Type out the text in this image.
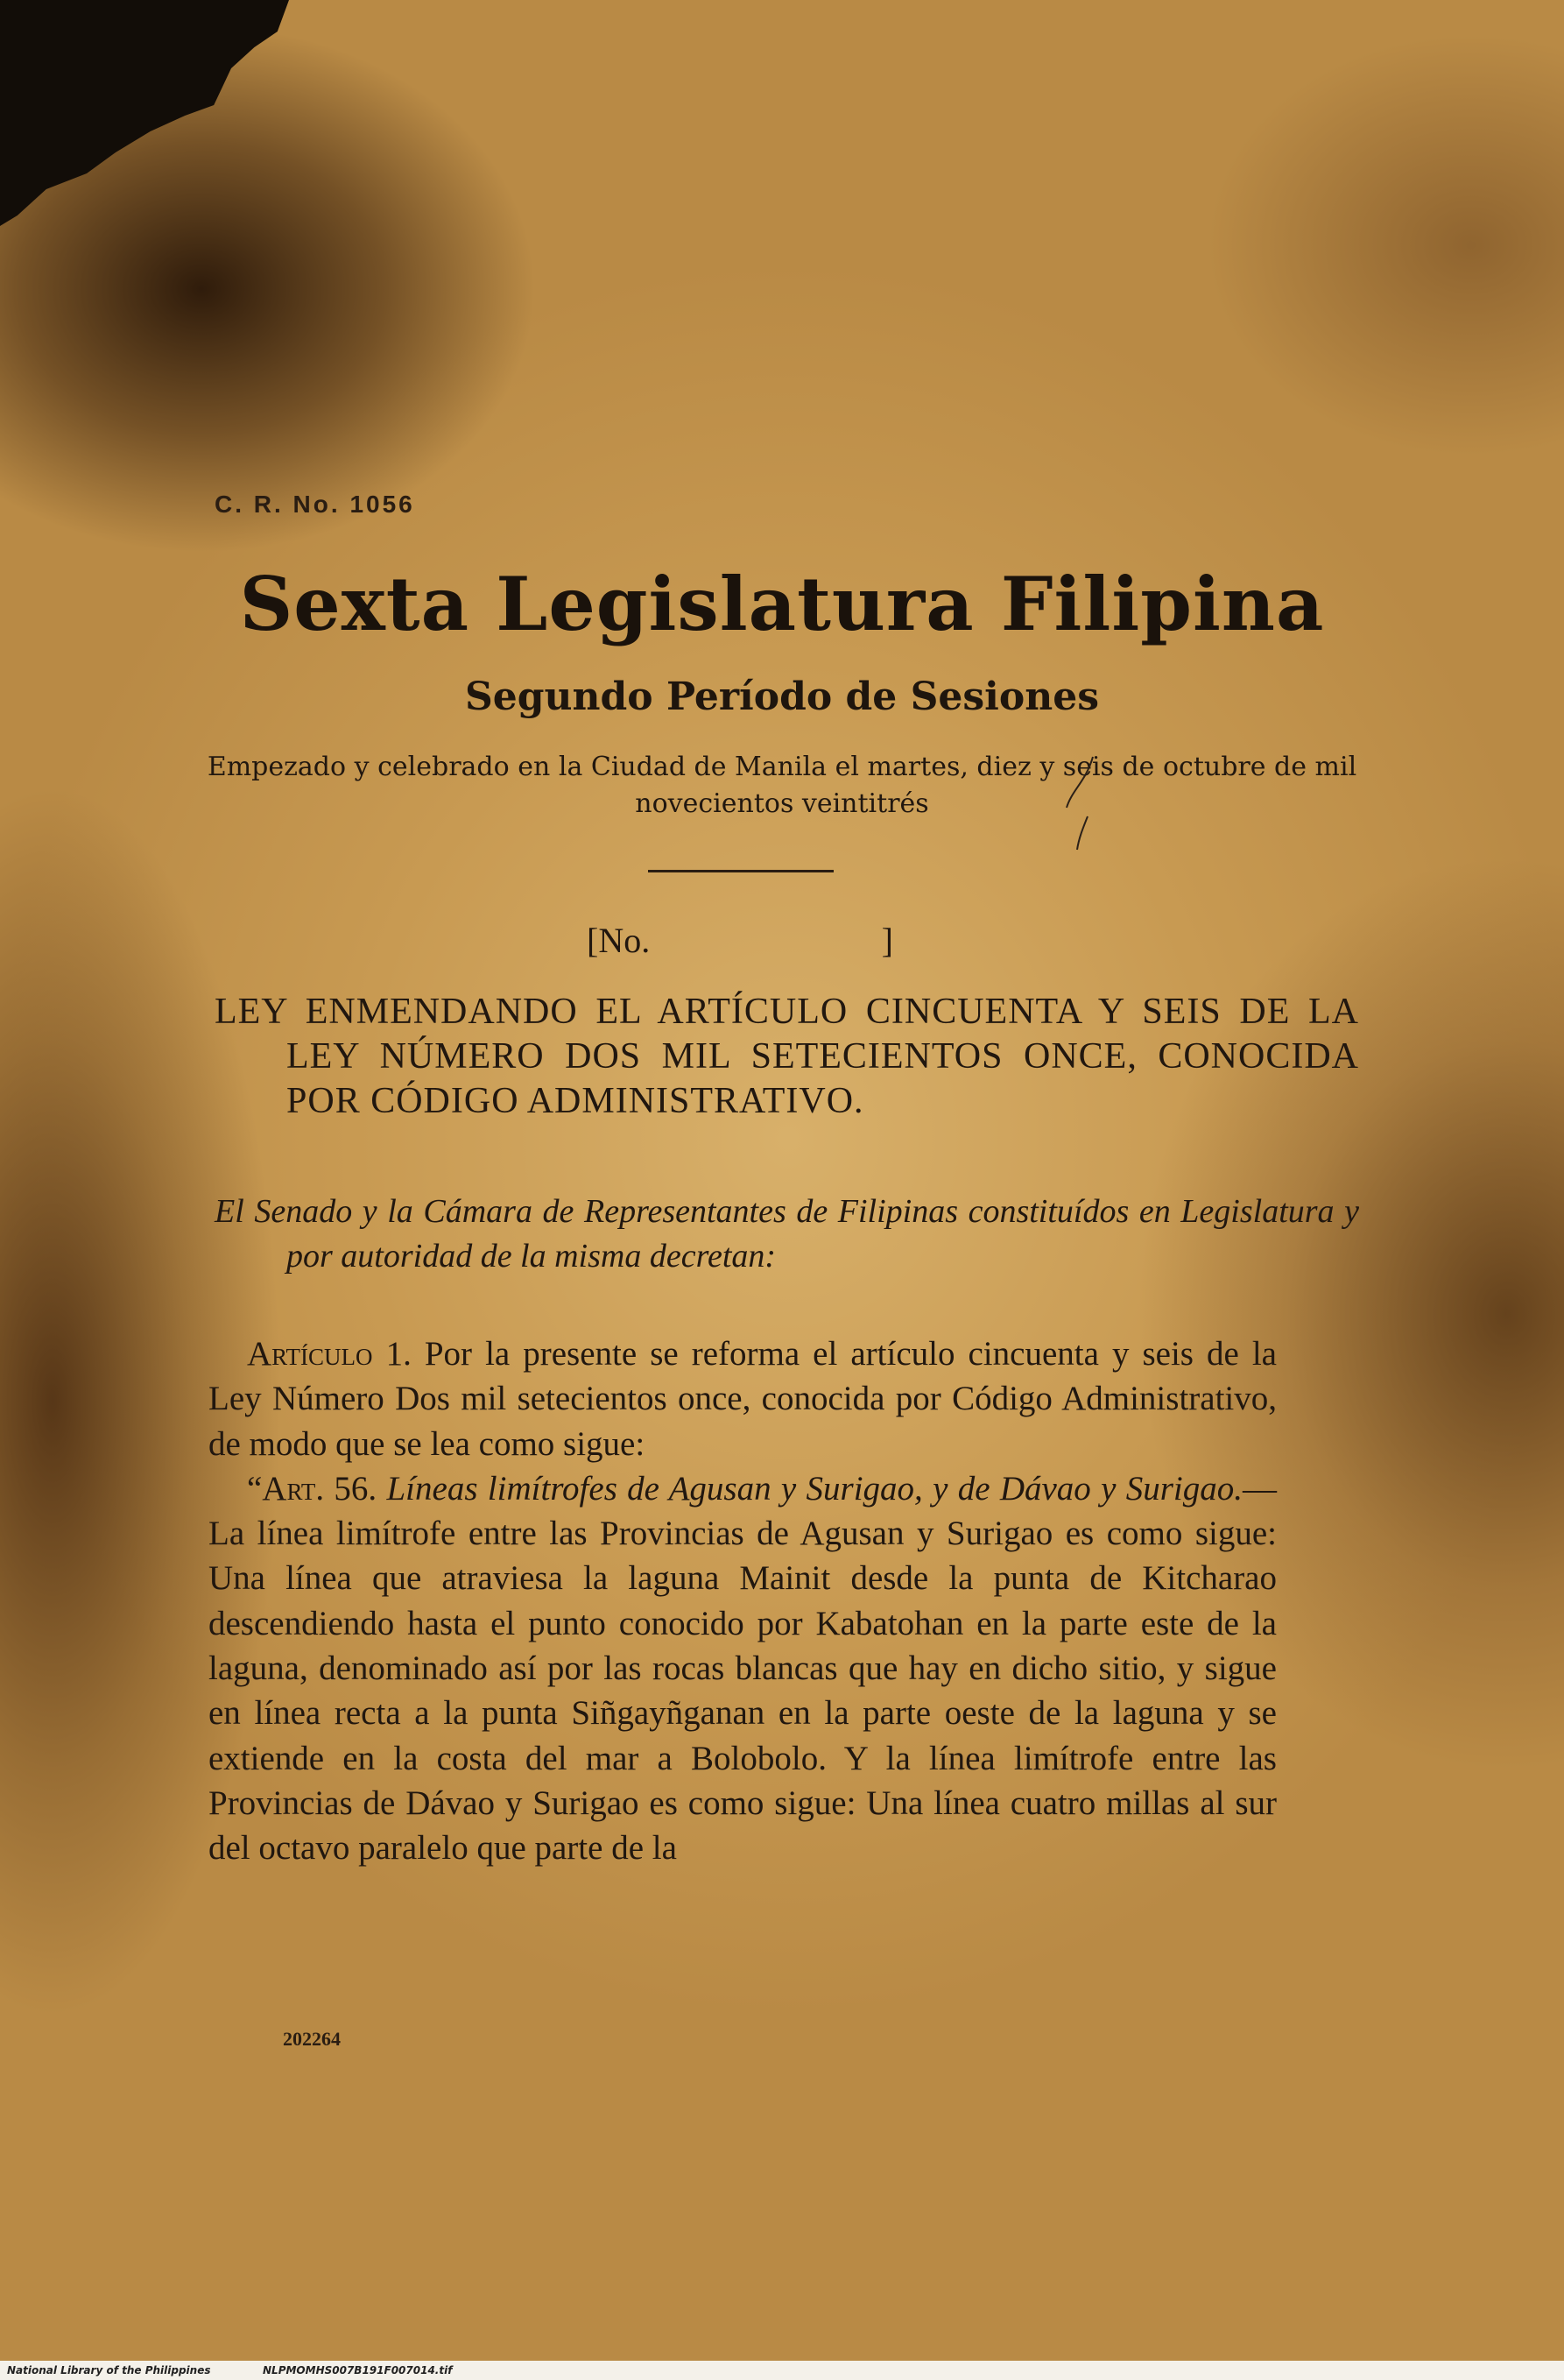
C. R. No. 1056
Sexta Legislatura Filipina
Segundo Período de Sesiones
Empezado y celebrado en la Ciudad de Manila el martes, diez y seis de octubre de mil novecientos veintitrés
[No.	]
LEY ENMENDANDO EL ARTÍCULO CINCUENTA Y SEIS DE LA LEY NÚMERO DOS MIL SETECIENTOS ONCE, CONOCIDA POR CÓDIGO ADMINISTRATIVO.
El Senado y la Cámara de Representantes de Filipinas constituídos en Legislatura y por autoridad de la misma decretan:

Artículo 1. Por la presente se reforma el artículo cincuenta y seis de la Ley Número Dos mil setecientos once, conocida por Código Administrativo, de modo que se lea como sigue:

“Art. 56. Líneas limítrofes de Agusan y Surigao, y de Dávao y Surigao.—La línea limítrofe entre las Provincias de Agusan y Surigao es como sigue: Una línea que atraviesa la laguna Mainit desde la punta de Kitcharao descendiendo hasta el punto conocido por Kabatohan en la parte este de la laguna, denominado así por las rocas blancas que hay en dicho sitio, y sigue en línea recta a la punta Siñgayñganan en la parte oeste de la laguna y se extiende en la costa del mar a Bolobolo. Y la línea limítrofe entre las Provincias de Dávao y Surigao es como sigue: Una línea cuatro millas al sur del octavo paralelo que parte de la

202264
National Library of the Philippines	NLPMOMHS007B191F007014.tif
